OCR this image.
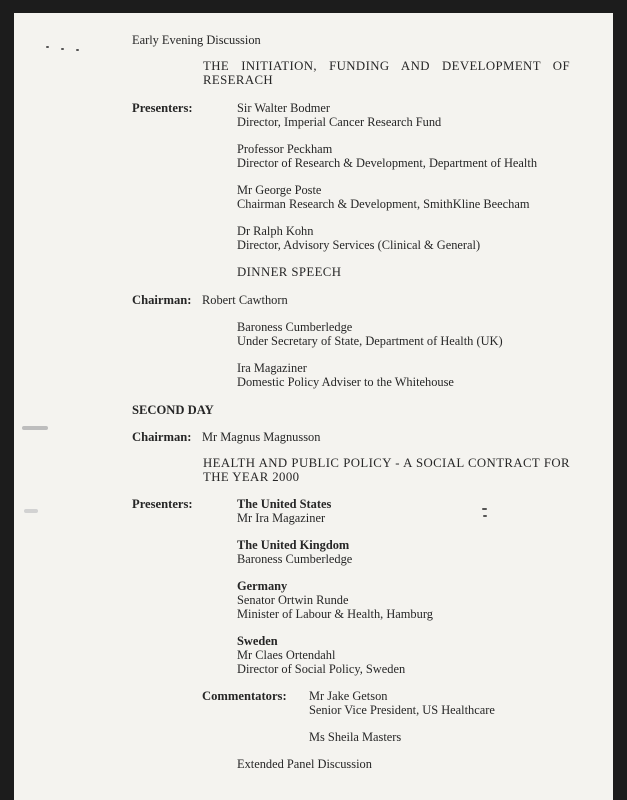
Early Evening Discussion
THE INITIATION, FUNDING AND DEVELOPMENT OF
RESERACH
Presenters:	Sir Walter Bodmer
Director, Imperial Cancer Research Fund
Professor Peckham
Director of Research & Development, Department of Health
Mr George Poste
Chairman Research & Development, SmithKline Beecham
Dr Ralph Kohn
Director, Advisory Services (Clinical & General)
DINNER SPEECH
Chairman: Robert Cawthorn
Baroness Cumberledge
Under Secretary of State, Department of Health (UK)
Ira Magaziner
Domestic Policy Adviser to the Whitehouse
SECOND DAY
Chairman: Mr Magnus Magnusson
HEALTH AND PUBLIC POLICY - A SOCIAL CONTRACT FOR
THE YEAR 2000
Presenters:	The United States
Mr Ira Magaziner
The United Kingdom
Baroness Cumberledge
Germany
Senator Ortwin Runde
Minister of Labour & Health, Hamburg
Sweden
Mr Claes Ortendahl
Director of Social Policy, Sweden
Commentators: Mr Jake Getson
Senior Vice President, US Healthcare
Ms Sheila Masters
Extended Panel Discussion
